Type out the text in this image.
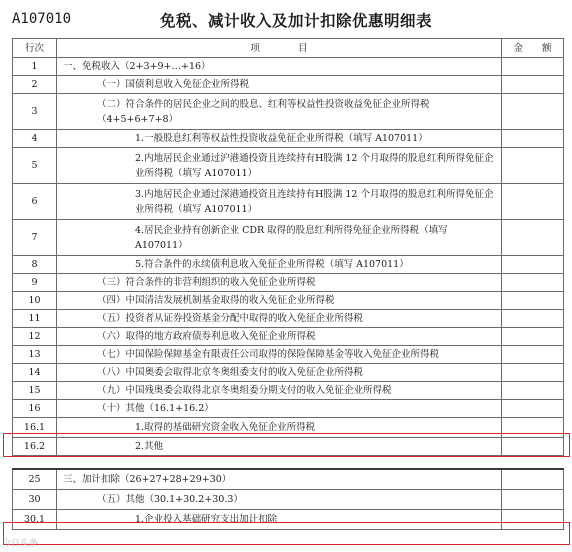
A107010	免税、减计收入及加计扣除优惠明细表
行次	项　　　　目	金　　额
1	一、免税收入（2+3+9+…+16）	
2	（一）国债利息收入免征企业所得税	
3	（二）符合条件的居民企业之间的股息、红利等权益性投资收益免征企业所得税（4+5+6+7+8）	
4	1.一般股息红利等权益性投资收益免征企业所得税（填写 A107011）	
5	2.内地居民企业通过沪港通投资且连续持有H股满 12 个月取得的股息红利所得免征企业所得税（填写 A107011）	
6	3.内地居民企业通过深港通投资且连续持有H股满 12 个月取得的股息红利所得免征企业所得税（填写 A107011）	
7	4.居民企业持有创新企业 CDR 取得的股息红利所得免征企业所得税（填写 A107011）	
8	5.符合条件的永续债利息收入免征企业所得税（填写 A107011）	
9	（三）符合条件的非营利组织的收入免征企业所得税	
10	（四）中国清洁发展机制基金取得的收入免征企业所得税	
11	（五）投资者从证券投资基金分配中取得的收入免征企业所得税	
12	（六）取得的地方政府债券利息收入免征企业所得税	
13	（七）中国保险保障基金有限责任公司取得的保险保障基金等收入免征企业所得税	
14	（八）中国奥委会取得北京冬奥组委支付的收入免征企业所得税	
15	（九）中国残奥委会取得北京冬奥组委分期支付的收入免征企业所得税	
16	（十）其他（16.1+16.2）	
16.1	1.取得的基础研究资金收入免征企业所得税	
16.2	2.其他	

25	三、加计扣除（26+27+28+29+30）	
30	（五）其他（30.1+30.2+30.3）	
30.1	1.企业投入基础研究支出加计扣除	
今日头条
